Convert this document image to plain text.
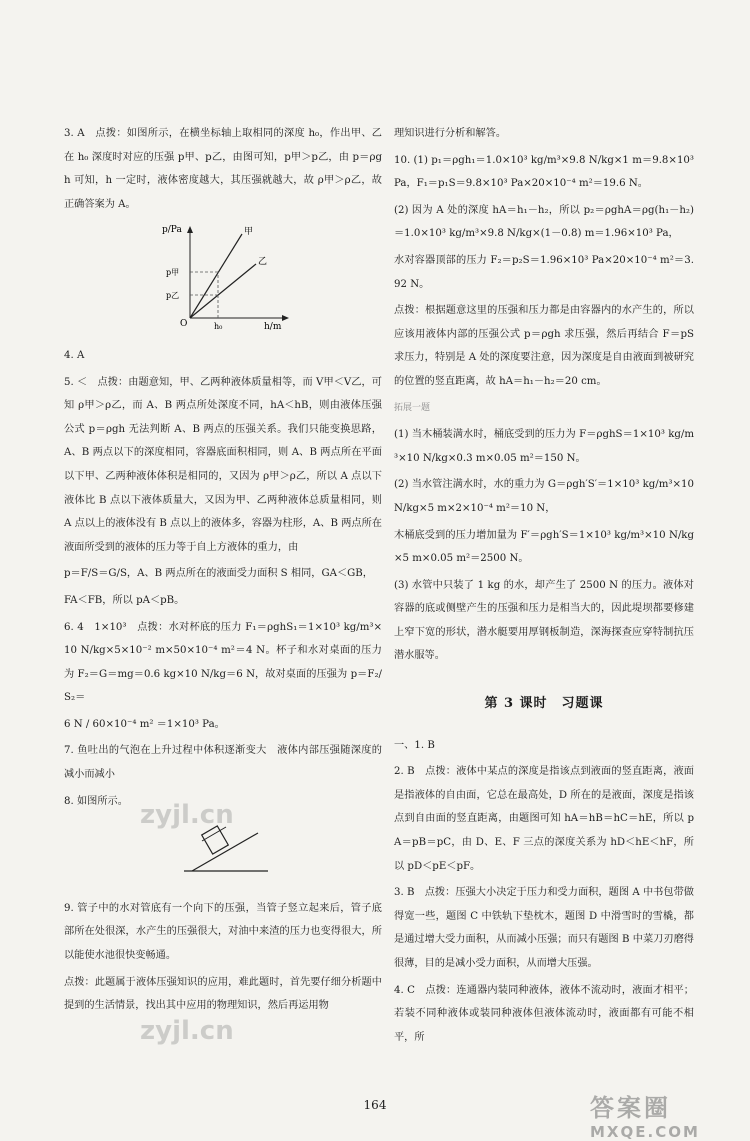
3. A　点拨：如图所示，在横坐标轴上取相同的深度 h₀，作出甲、乙在 h₀ 深度时对应的压强 p甲、p乙，由图可知，p甲＞p乙，由 p＝ρgh 可知，h 一定时，液体密度越大，其压强就越大，故 ρ甲＞ρ乙，故正确答案为 A。

p/Pa
h/m
甲
乙
p甲
p乙
O	h₀

4. A

5. ＜　点拨：由题意知，甲、乙两种液体质量相等，而 V甲＜V乙，可知 ρ甲＞ρ乙，而 A、B 两点所处深度不同，hA＜hB，则由液体压强公式 p＝ρgh 无法判断 A、B 两点的压强关系。我们只能变换思路，A、B 两点以下的深度相同，容器底面积相同，则 A、B 两点所在平面以下甲、乙两种液体体积是相同的，又因为 ρ甲＞ρ乙，所以 A 点以下液体比 B 点以下液体质量大，又因为甲、乙两种液体总质量相同，则 A 点以上的液体没有 B 点以上的液体多，容器为柱形，A、B 两点所在液面所受到的液体的压力等于自上方液体的重力，由

p＝F/S＝G/S，A、B 两点所在的液面受力面积 S 相同，GA＜GB，

FA＜FB，所以 pA＜pB。

6. 4　1×10³　点拨：水对杯底的压力 F₁＝ρghS₁＝1×10³ kg/m³×10 N/kg×5×10⁻² m×50×10⁻⁴ m²＝4 N。杯子和水对桌面的压力为 F₂＝G＝mg＝0.6 kg×10 N/kg＝6 N，故对桌面的压强为 p＝F₂/S₂＝

6 N / 60×10⁻⁴ m² ＝1×10³ Pa。

7. 鱼吐出的气泡在上升过程中体积逐渐变大　液体内部压强随深度的减小而减小

8. 如图所示。

9. 管子中的水对管底有一个向下的压强，当管子竖立起来后，管子底部所在处很深，水产生的压强很大，对油中来渣的压力也变得很大，所以能使水池很快变畅通。

点拨：此题属于液体压强知识的应用，难此题时，首先要仔细分析题中提到的生活情景，找出其中应用的物理知识，然后再运用物

理知识进行分析和解答。

10. (1) p₁＝ρgh₁＝1.0×10³ kg/m³×9.8 N/kg×1 m＝9.8×10³ Pa，F₁＝p₁S＝9.8×10³ Pa×20×10⁻⁴ m²＝19.6 N。

(2) 因为 A 处的深度 hA＝h₁－h₂，所以 p₂＝ρghA＝ρg(h₁－h₂)＝1.0×10³ kg/m³×9.8 N/kg×(1－0.8) m＝1.96×10³ Pa，

水对容器顶部的压力 F₂＝p₂S＝1.96×10³ Pa×20×10⁻⁴ m²＝3.92 N。

点拨：根据题意这里的压强和压力都是由容器内的水产生的，所以应该用液体内部的压强公式 p＝ρgh 求压强，然后再结合 F＝pS 求压力，特别是 A 处的深度要注意，因为深度是自由液面到被研究的位置的竖直距离，故 hA＝h₁－h₂＝20 cm。

拓展一题

(1) 当木桶装满水时，桶底受到的压力为 F＝ρghS＝1×10³ kg/m³×10 N/kg×0.3 m×0.05 m²＝150 N。

(2) 当水管注满水时，水的重力为 G＝ρgh′S′＝1×10³ kg/m³×10 N/kg×5 m×2×10⁻⁴ m²＝10 N，

木桶底受到的压力增加量为 F′＝ρgh′S＝1×10³ kg/m³×10 N/kg×5 m×0.05 m²＝2500 N。

(3) 水管中只装了 1 kg 的水，却产生了 2500 N 的压力。液体对容器的底或侧壁产生的压强和压力是相当大的，因此堤坝都要修建上窄下宽的形状，潜水艇要用厚钢板制造，深海探查应穿特制抗压潜水服等。

第 3 课时　习题课

一、1. B

2. B　点拨：液体中某点的深度是指该点到液面的竖直距离，液面是指液体的自由面，它总在最高处，D 所在的是液面，深度是指该点到自由面的竖直距离，由题图可知 hA＝hB＝hC＝hE，所以 pA＝pB＝pC，由 D、E、F 三点的深度关系为 hD＜hE＜hF，所以 pD＜pE＜pF。

3. B　点拨：压强大小决定于压力和受力面积，题图 A 中书包带做得宽一些，题图 C 中铁轨下垫枕木，题图 D 中滑雪时的雪橇，都是通过增大受力面积，从而减小压强；而只有题图 B 中菜刀刃磨得很薄，目的是减小受力面积，从而增大压强。

4. C　点拨：连通器内装同种液体，液体不流动时，液面才相平；若装不同种液体或装同种液体但液体流动时，液面都有可能不相平，所

zyjl.cn
zyjl.cn
164	答案圈
MXQE.COM
